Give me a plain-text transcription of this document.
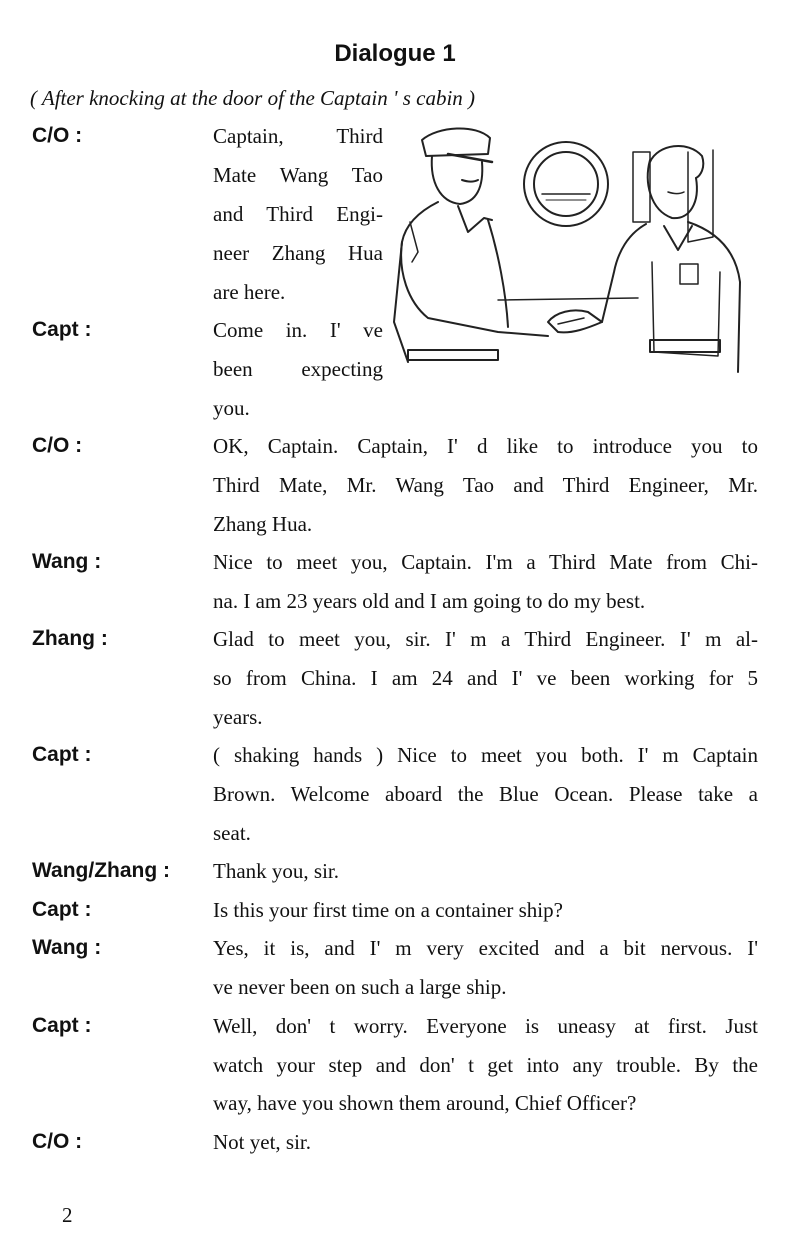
Dialogue 1
( After knocking at the door of the Captain ' s cabin )
C/O :	Captain, Third
Mate Wang Tao
and Third Engi-
neer Zhang Hua
are here.
Capt :	Come in. I' ve
been expecting
you.
C/O :	OK, Captain. Captain, I' d like to introduce you to
Third Mate, Mr. Wang Tao and Third Engineer, Mr.
Zhang Hua.
Wang :	Nice to meet you, Captain. I'm a Third Mate from Chi-
na. I am 23 years old and I am going to do my best.
Zhang :	Glad to meet you, sir. I' m a Third Engineer. I' m al-
so from China. I am 24 and I' ve been working for 5
years.
Capt :	( shaking hands ) Nice to meet you both. I' m Captain
Brown. Welcome aboard the Blue Ocean. Please take a
seat.
Wang/Zhang : Thank you, sir.
Capt :	Is this your first time on a container ship?
Wang :	Yes, it is, and I' m very excited and a bit nervous. I'
ve never been on such a large ship.
Capt :	Well, don' t worry. Everyone is uneasy at first. Just
watch your step and don' t get into any trouble. By the
way, have you shown them around, Chief Officer?
C/O :	Not yet, sir.
2
